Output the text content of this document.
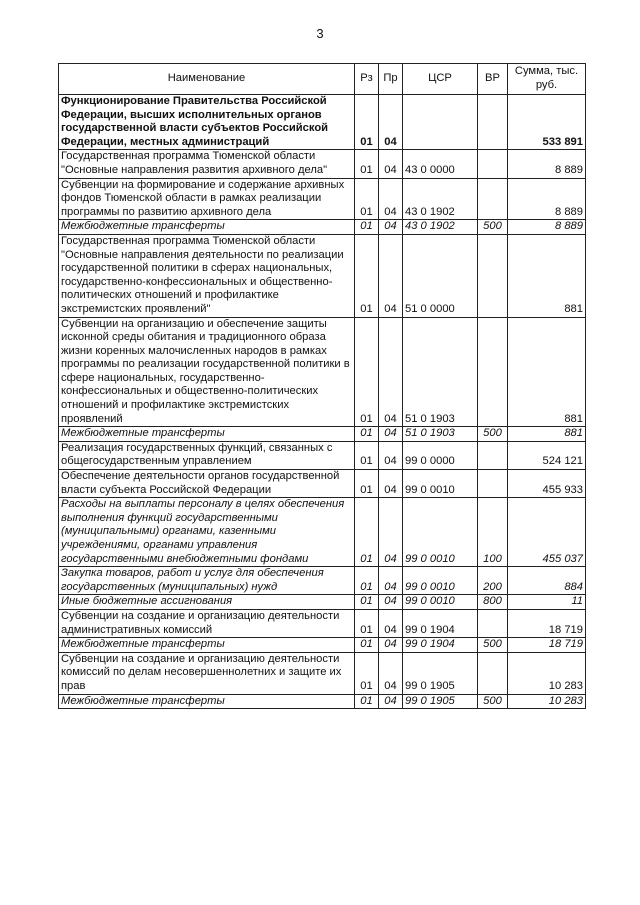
3
Наименование	Рз	Пр	ЦСР	ВР	Сумма, тыс. руб.
Функционирование Правительства Российской Федерации, высших исполнительных органов государственной власти субъектов Российской Федерации, местных администраций	01	04			533 891
Государственная программа Тюменской области "Основные направления развития архивного дела"	01	04	43 0 0000		8 889
Субвенции на формирование и содержание архивных фондов Тюменской области в рамках реализации программы по развитию архивного дела	01	04	43 0 1902		8 889
Межбюджетные трансферты	01	04	43 0 1902	500	8 889
Государственная программа Тюменской области "Основные направления деятельности по реализации государственной политики в сферах национальных, государственно-конфессиональных и общественно-политических отношений и профилактике экстремистских проявлений"	01	04	51 0 0000		881
Субвенции на организацию и обеспечение защиты исконной среды обитания и традиционного образа жизни коренных малочисленных народов в рамках программы по реализации государственной политики в сфере национальных, государственно-конфессиональных и общественно-политических отношений и профилактике экстремистских проявлений	01	04	51 0 1903		881
Межбюджетные трансферты	01	04	51 0 1903	500	881
Реализация государственных функций, связанных с общегосударственным управлением	01	04	99 0 0000		524 121
Обеспечение деятельности органов государственной власти субъекта Российской Федерации	01	04	99 0 0010		455 933
Расходы на выплаты персоналу в целях обеспечения выполнения функций государственными (муниципальными) органами, казенными учреждениями, органами управления государственными внебюджетными фондами	01	04	99 0 0010	100	455 037
Закупка товаров, работ и услуг для обеспечения государственных (муниципальных) нужд	01	04	99 0 0010	200	884
Иные бюджетные ассигнования	01	04	99 0 0010	800	11
Субвенции на создание и организацию деятельности административных комиссий	01	04	99 0 1904		18 719
Межбюджетные трансферты	01	04	99 0 1904	500	18 719
Субвенции на создание и организацию деятельности комиссий по делам несовершеннолетних и защите их прав	01	04	99 0 1905		10 283
Межбюджетные трансферты	01	04	99 0 1905	500	10 283
